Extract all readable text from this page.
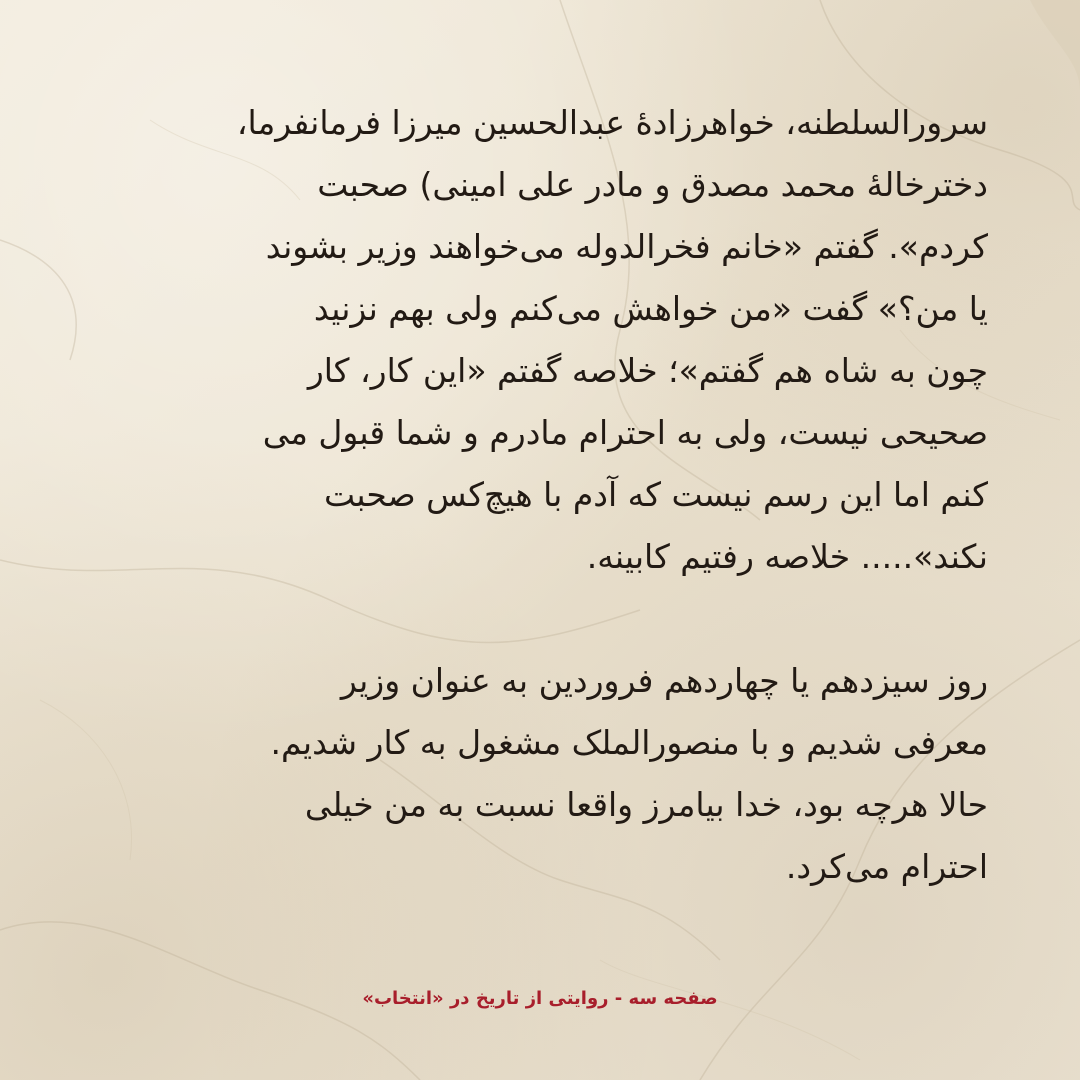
سرورالسلطنه، خواهرزادۀ عبدالحسین میرزا فرمانفرما،
دخترخالۀ محمد مصدق و مادر علی امینی) صحبت
کردم». گفتم «خانم فخرالدوله می‌خواهند وزیر بشوند
یا من؟» گفت «من خواهش می‌کنم ولی بهم نزنید
چون به شاه هم گفتم»؛ خلاصه گفتم «این کار، کار
صحیحی نیست، ولی به احترام مادرم و شما قبول می
کنم اما این رسم نیست که آدم با هیچ‌کس صحبت
نکند»..... خلاصه رفتیم کابینه.

روز سیزدهم یا چهاردهم فروردین به عنوان وزیر
معرفی شدیم و با منصورالملک مشغول به کار شدیم.
حالا هرچه بود، خدا بیامرز واقعا نسبت به من خیلی
احترام می‌کرد.

صفحه سه - روایتی از تاریخ در «انتخاب»
